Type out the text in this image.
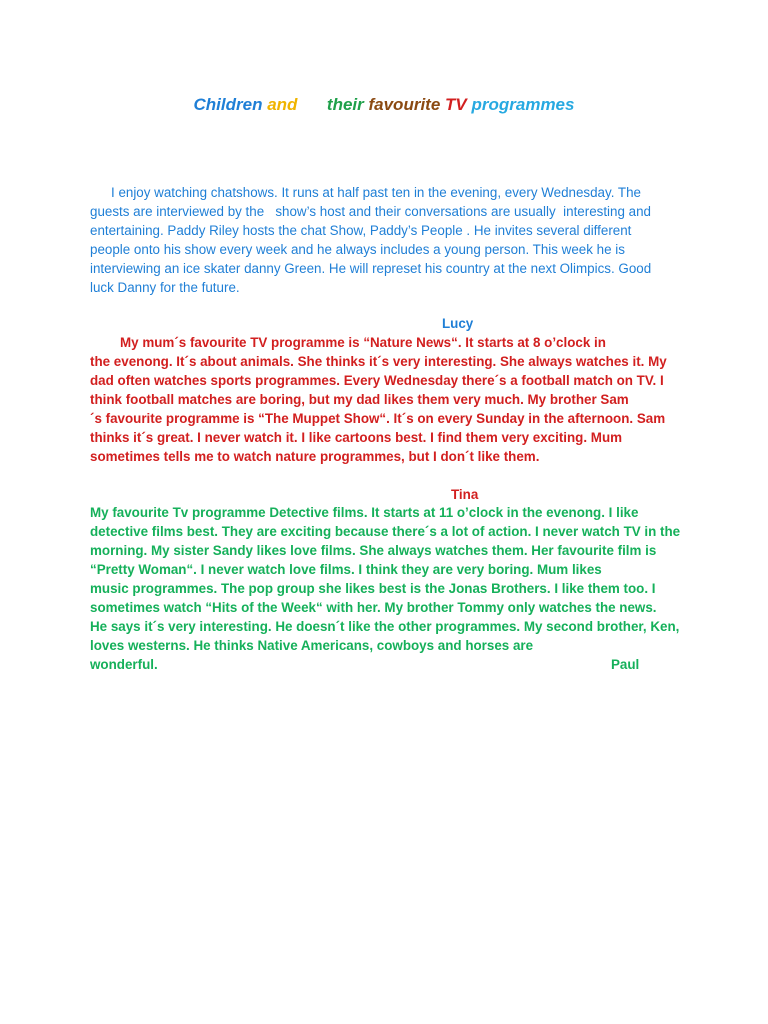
Children and their favourite TV programmes
I enjoy watching chatshows. It runs at half past ten in the evening, every Wednesday. The
guests are interviewed by the   show’s host and their conversations are usually  interesting and
entertaining. Paddy Riley hosts the chat Show, Paddy’s People . He invites several different
people onto his show every week and he always includes a young person. This week he is
interviewing an ice skater danny Green. He will represet his country at the next Olimpics. Good
luck Danny for the future.
Lucy
My mum´s favourite TV programme is “Nature News“. It starts at 8 o’clock in
the evenong. It´s about animals. She thinks it´s very interesting. She always watches it. My
dad often watches sports programmes. Every Wednesday there´s a football match on TV. I
think football matches are boring, but my dad likes them very much. My brother Sam
´s favourite programme is “The Muppet Show“. It´s on every Sunday in the afternoon. Sam
thinks it´s great. I never watch it. I like cartoons best. I find them very exciting. Mum
sometimes tells me to watch nature programmes, but I don´t like them.
Tina
My favourite Tv programme Detective films. It starts at 11 o’clock in the evenong. I like
detective films best. They are exciting because there´s a lot of action. I never watch TV in the
morning. My sister Sandy likes love films. She always watches them. Her favourite film is
“Pretty Woman“. I never watch love films. I think they are very boring. Mum likes
music programmes. The pop group she likes best is the Jonas Brothers. I like them too. I
sometimes watch “Hits of the Week“ with her. My brother Tommy only watches the news.
He says it´s very interesting. He doesn´t like the other programmes. My second brother, Ken,
loves westerns. He thinks Native Americans, cowboys and horses are
wonderful.	Paul
